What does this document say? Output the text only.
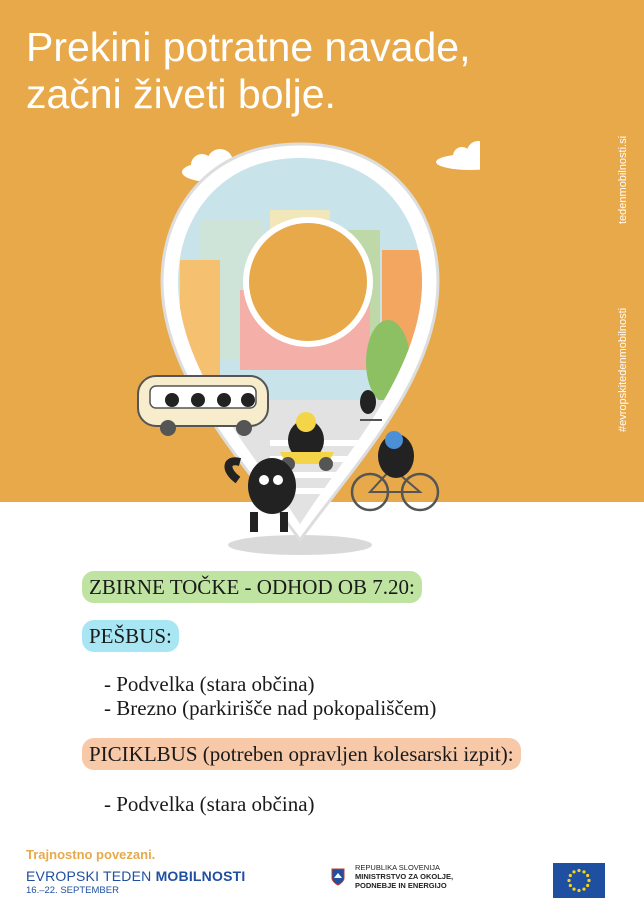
Prekini potratne navade,
začni živeti bolje.
tedenmobilnosti.si
#evropskitedenmobilnosti
ZBIRNE TOČKE - ODHOD OB 7.20:
PEŠBUS:
- Podvelka (stara občina)
- Brezno (parkirišče nad pokopališčem)
PICIKLBUS (potreben opravljen kolesarski izpit):
- Podvelka (stara občina)
Trajnostno povezani.
EVROPSKI TEDEN MOBILNOSTI
16.–22. SEPTEMBER
REPUBLIKA SLOVENIJA
MINISTRSTVO ZA OKOLJE,
PODNEBJE IN ENERGIJO
